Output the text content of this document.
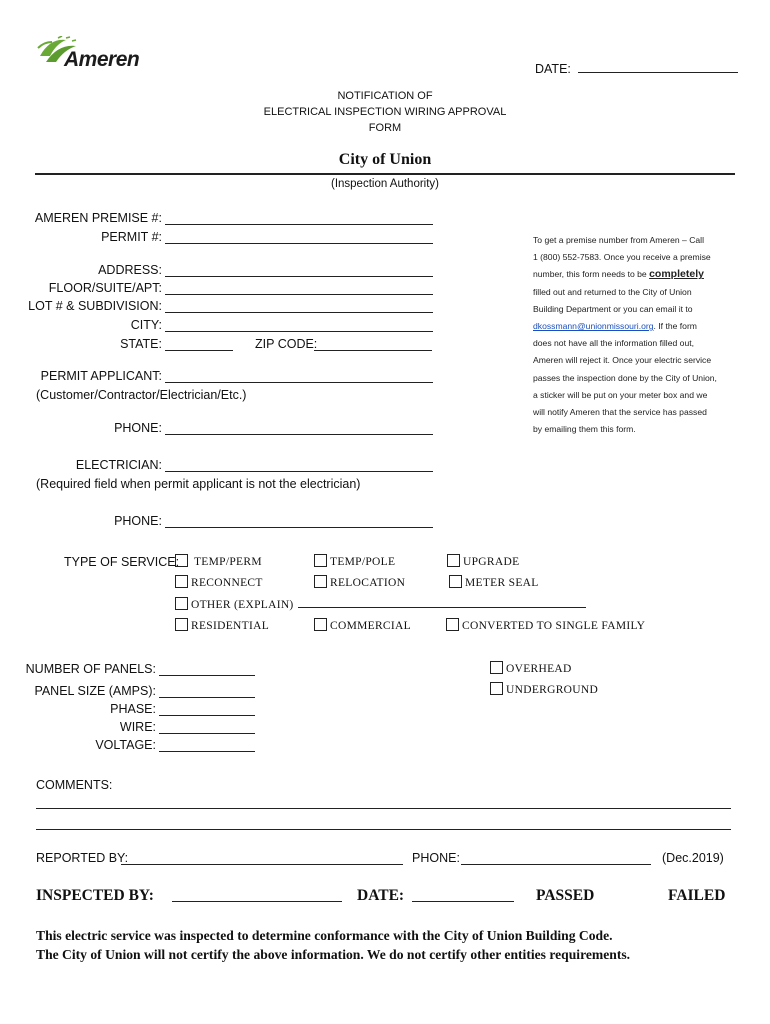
Ameren	DATE:
NOTIFICATION OF
ELECTRICAL INSPECTION WIRING APPROVAL
FORM
City of Union
(Inspection Authority)
AMEREN PREMISE #:
PERMIT #:
ADDRESS:
FLOOR/SUITE/APT:
LOT # & SUBDIVISION:
CITY:
STATE:	ZIP CODE:
PERMIT APPLICANT:
(Customer/Contractor/Electrician/Etc.)
PHONE:
ELECTRICIAN:
(Required field when permit applicant is not the electrician)
PHONE:
To get a premise number from Ameren – Call
1 (800) 552-7583. Once you receive a premise
number, this form needs to be completely
filled out and returned to the City of Union
Building Department or you can email it to
dkossmann@unionmissouri.org. If the form
does not have all the information filled out,
Ameren will reject it. Once your electric service
passes the inspection done by the City of Union,
a sticker will be put on your meter box and we
will notify Ameren that the service has passed
by emailing them this form.
TYPE OF SERVICE:	TEMP/PERM	TEMP/POLE	UPGRADE
RECONNECT	RELOCATION	METER SEAL
OTHER (EXPLAIN)
RESIDENTIAL	COMMERCIAL	CONVERTED TO SINGLE FAMILY
NUMBER OF PANELS:
PANEL SIZE (AMPS):
PHASE:
WIRE:
VOLTAGE:
OVERHEAD
UNDERGROUND
COMMENTS:
REPORTED BY:	PHONE:	(Dec.2019)
INSPECTED BY:	DATE:	PASSED	FAILED
This electric service was inspected to determine conformance with the City of Union Building Code.
The City of Union will not certify the above information. We do not certify other entities requirements.
